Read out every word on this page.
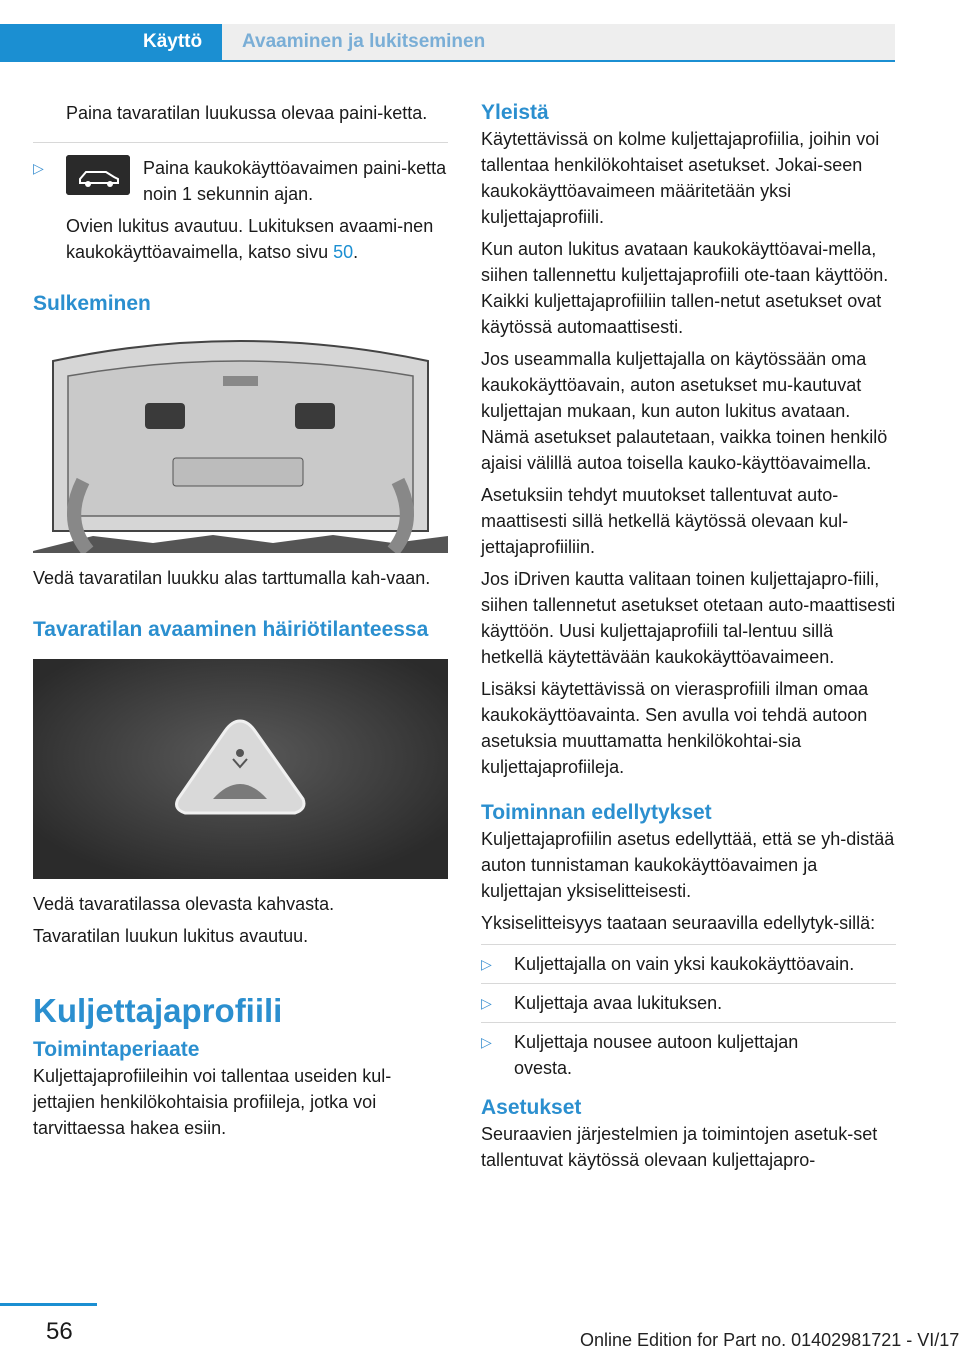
Käyttö Avaaminen ja lukitseminen

Paina tavaratilan luukussa olevaa paini-ketta.

▷	Paina kaukokäyttöavaimen paini-ketta noin 1 sekunnin ajan.

Ovien lukitus avautuu. Lukituksen avaami-nen kaukokäyttöavaimella, katso sivu 50.

Sulkeminen

Vedä tavaratilan luukku alas tarttumalla kah-vaan.

Tavaratilan avaaminen häiriötilanteessa

Vedä tavaratilassa olevasta kahvasta.

Tavaratilan luukun lukitus avautuu.

Kuljettajaprofiili

Toimintaperiaate

Kuljettajaprofiileihin voi tallentaa useiden kul-jettajien henkilökohtaisia profiileja, jotka voi tarvittaessa hakea esiin.

Yleistä

Käytettävissä on kolme kuljettajaprofiilia, joihin voi tallentaa henkilökohtaiset asetukset. Jokai-seen kaukokäyttöavaimeen määritetään yksi kuljettajaprofiili.

Kun auton lukitus avataan kaukokäyttöavai-mella, siihen tallennettu kuljettajaprofiili ote-taan käyttöön. Kaikki kuljettajaprofiiliin tallen-netut asetukset ovat käytössä automaattisesti.

Jos useammalla kuljettajalla on käytössään oma kaukokäyttöavain, auton asetukset mu-kautuvat kuljettajan mukaan, kun auton lukitus avataan. Nämä asetukset palautetaan, vaikka toinen henkilö ajaisi välillä autoa toisella kauko-käyttöavaimella.

Asetuksiin tehdyt muutokset tallentuvat auto-maattisesti sillä hetkellä käytössä olevaan kul-jettajaprofiiliin.

Jos iDriven kautta valitaan toinen kuljettajapro-fiili, siihen tallennetut asetukset otetaan auto-maattisesti käyttöön. Uusi kuljettajaprofiili tal-lentuu sillä hetkellä käytettävään kaukokäyttöavaimeen.

Lisäksi käytettävissä on vierasprofiili ilman omaa kaukokäyttöavainta. Sen avulla voi tehdä autoon asetuksia muuttamatta henkilökohtai-sia kuljettajaprofiileja.

Toiminnan edellytykset

Kuljettajaprofiilin asetus edellyttää, että se yh-distää auton tunnistaman kaukokäyttöavaimen ja kuljettajan yksiselitteisesti.

Yksiselitteisyys taataan seuraavilla edellytyk-sillä:

▷ Kuljettajalla on vain yksi kaukokäyttöavain.

▷ Kuljettaja avaa lukituksen.

▷ Kuljettaja nousee autoon kuljettajan ovesta.

Asetukset

Seuraavien järjestelmien ja toimintojen asetuk-set tallentuvat käytössä olevaan kuljettajapro-

56	Online Edition for Part no. 01402981721 - VI/17
